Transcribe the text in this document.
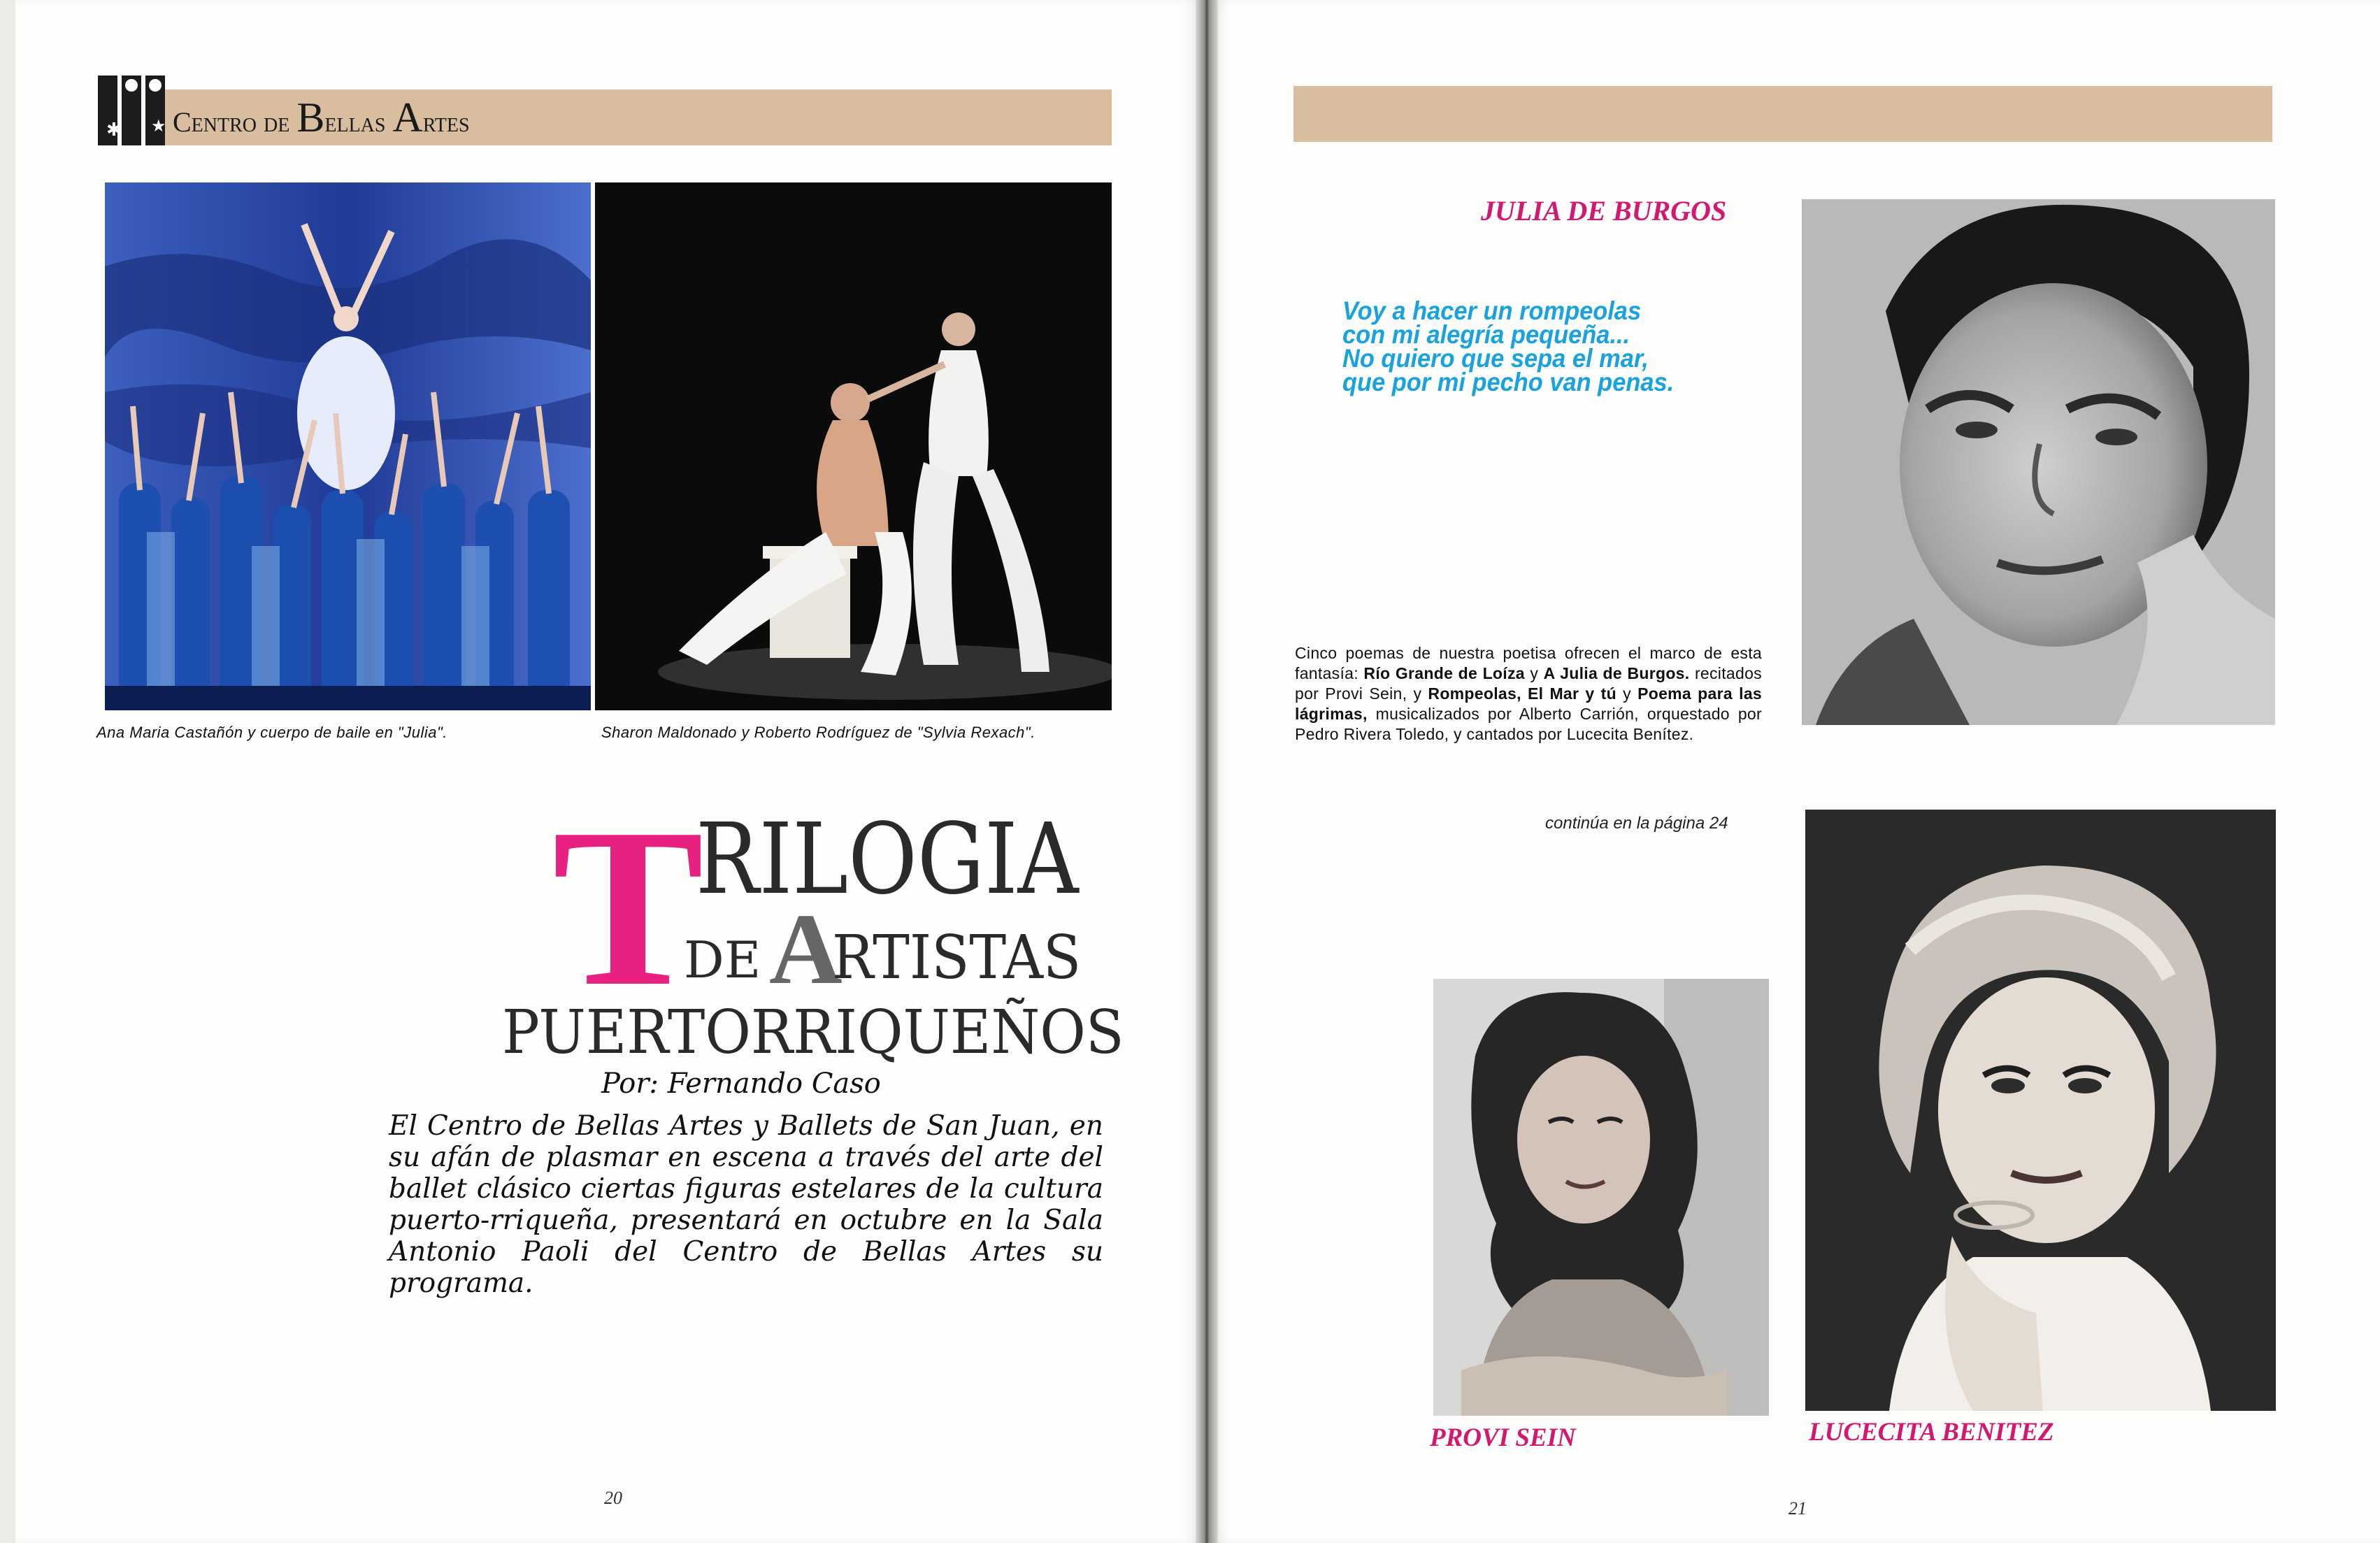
✱ ★ Centro de Bellas Artes
Ana Maria Castañón y cuerpo de baile en "Julia".	Sharon Maldonado y Roberto Rodríguez de "Sylvia Rexach".
T
RILOGIA
DE A
RTISTAS
PUERTORRIQUEÑOS
Por: Fernando Caso
El Centro de Bellas Artes y Ballets de San Juan, en su afán de plasmar en escena a través del arte del ballet clásico ciertas figuras estelares de la cultura puerto-rriqueña, presentará en octubre en la Sala Antonio Paoli del Centro de Bellas Artes su programa.
20
JULIA DE BURGOS
Voy a hacer un rompeolas
con mi alegría pequeña...
No quiero que sepa el mar,
que por mi pecho van penas.
Cinco poemas de nuestra poetisa ofrecen el marco de esta fantasía: Río Grande de Loíza y A Julia de Burgos. recitados por Provi Sein, y Rompeolas, El Mar y tú y Poema para las lágrimas, musicalizados por Alberto Carrión, orquestado por Pedro Rivera Toledo, y cantados por Lucecita Benítez.
continúa en la página 24
PROVI SEIN	LUCECITA BENITEZ
21
